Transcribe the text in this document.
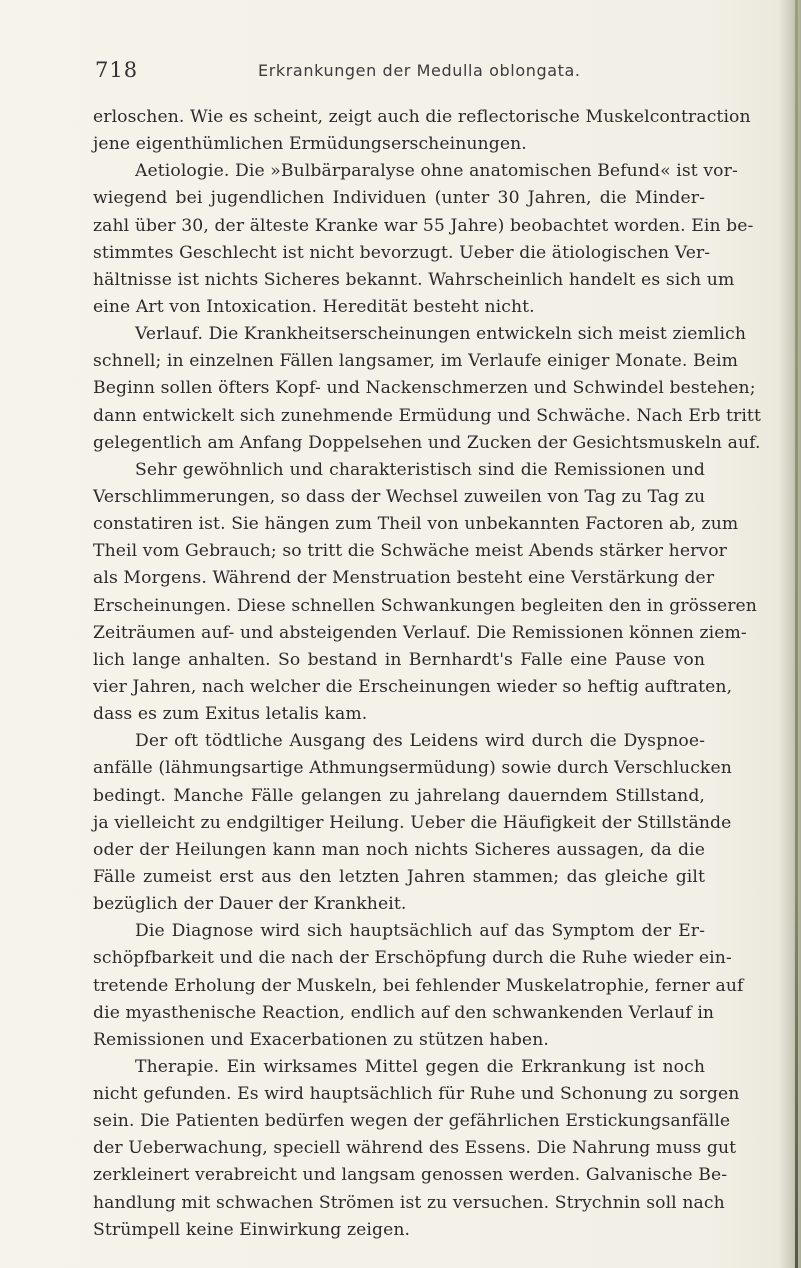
718	Erkrankungen der Medulla oblongata.
erloschen. Wie es scheint, zeigt auch die reflectorische Muskelcontraction
jene eigenthümlichen Ermüdungserscheinungen.
Aetiologie. Die »Bulbärparalyse ohne anatomischen Befund« ist vor-
wiegend bei jugendlichen Individuen (unter 30 Jahren, die Minder-
zahl über 30, der älteste Kranke war 55 Jahre) beobachtet worden. Ein be-
stimmtes Geschlecht ist nicht bevorzugt. Ueber die ätiologischen Ver-
hältnisse ist nichts Sicheres bekannt. Wahrscheinlich handelt es sich um
eine Art von Intoxication. Heredität besteht nicht.
Verlauf. Die Krankheitserscheinungen entwickeln sich meist ziemlich
schnell; in einzelnen Fällen langsamer, im Verlaufe einiger Monate. Beim
Beginn sollen öfters Kopf- und Nackenschmerzen und Schwindel bestehen;
dann entwickelt sich zunehmende Ermüdung und Schwäche. Nach Erb tritt
gelegentlich am Anfang Doppelsehen und Zucken der Gesichtsmuskeln auf.
Sehr gewöhnlich und charakteristisch sind die Remissionen und
Verschlimmerungen, so dass der Wechsel zuweilen von Tag zu Tag zu
constatiren ist. Sie hängen zum Theil von unbekannten Factoren ab, zum
Theil vom Gebrauch; so tritt die Schwäche meist Abends stärker hervor
als Morgens. Während der Menstruation besteht eine Verstärkung der
Erscheinungen. Diese schnellen Schwankungen begleiten den in grösseren
Zeiträumen auf- und absteigenden Verlauf. Die Remissionen können ziem-
lich lange anhalten. So bestand in Bernhardt's Falle eine Pause von
vier Jahren, nach welcher die Erscheinungen wieder so heftig auftraten,
dass es zum Exitus letalis kam.
Der oft tödtliche Ausgang des Leidens wird durch die Dyspnoe-
anfälle (lähmungsartige Athmungsermüdung) sowie durch Verschlucken
bedingt. Manche Fälle gelangen zu jahrelang dauerndem Stillstand,
ja vielleicht zu endgiltiger Heilung. Ueber die Häufigkeit der Stillstände
oder der Heilungen kann man noch nichts Sicheres aussagen, da die
Fälle zumeist erst aus den letzten Jahren stammen; das gleiche gilt
bezüglich der Dauer der Krankheit.
Die Diagnose wird sich hauptsächlich auf das Symptom der Er-
schöpfbarkeit und die nach der Erschöpfung durch die Ruhe wieder ein-
tretende Erholung der Muskeln, bei fehlender Muskelatrophie, ferner auf
die myasthenische Reaction, endlich auf den schwankenden Verlauf in
Remissionen und Exacerbationen zu stützen haben.
Therapie. Ein wirksames Mittel gegen die Erkrankung ist noch
nicht gefunden. Es wird hauptsächlich für Ruhe und Schonung zu sorgen
sein. Die Patienten bedürfen wegen der gefährlichen Erstickungsanfälle
der Ueberwachung, speciell während des Essens. Die Nahrung muss gut
zerkleinert verabreicht und langsam genossen werden. Galvanische Be-
handlung mit schwachen Strömen ist zu versuchen. Strychnin soll nach
Strümpell keine Einwirkung zeigen.
